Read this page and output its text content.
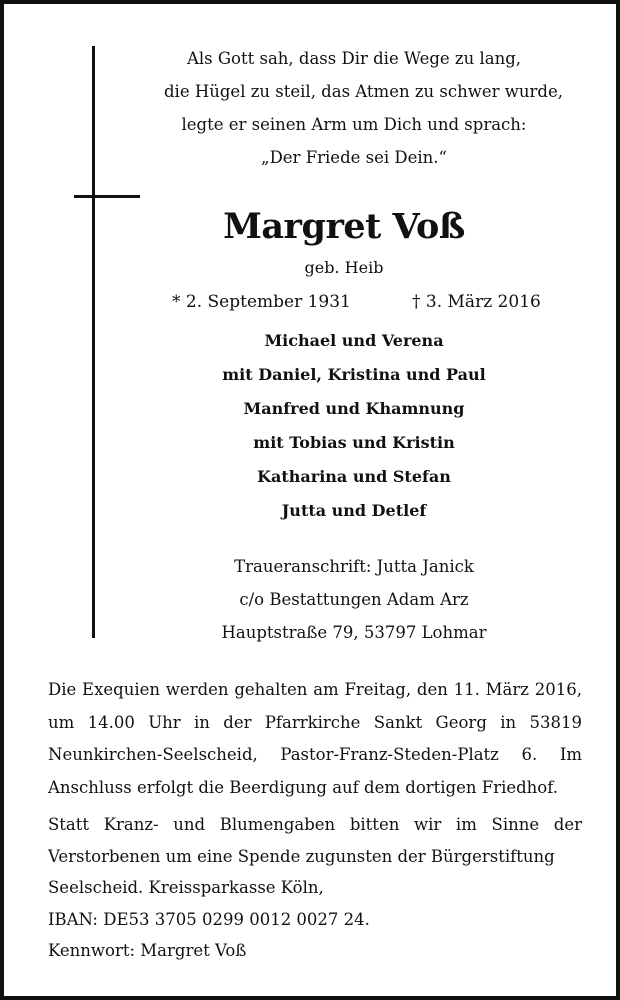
Als Gott sah, dass Dir die Wege zu lang,
die Hügel zu steil, das Atmen zu schwer wurde,
legte er seinen Arm um Dich und sprach:
„Der Friede sei Dein.“
Margret Voß
geb. Heib
* 2. September 1931	† 3. März 2016
Michael und Verena
mit Daniel, Kristina und Paul
Manfred und Khamnung
mit Tobias und Kristin
Katharina und Stefan
Jutta und Detlef
Traueranschrift: Jutta Janick
c/o Bestattungen Adam Arz
Hauptstraße 79, 53797 Lohmar
Die Exequien werden gehalten am Freitag, den 11. März 2016, um 14.00 Uhr in der Pfarrkirche Sankt Georg in 53819 Neunkirchen-Seelscheid, Pastor-Franz-Steden-Platz 6. Im Anschluss erfolgt die Beerdigung auf dem dortigen Friedhof.
Statt Kranz- und Blumengaben bitten wir im Sinne der Verstorbenen um eine Spende zugunsten der Bürgerstiftung
Seelscheid. Kreissparkasse Köln,
IBAN: DE53 3705 0299 0012 0027 24.
Kennwort: Margret Voß
